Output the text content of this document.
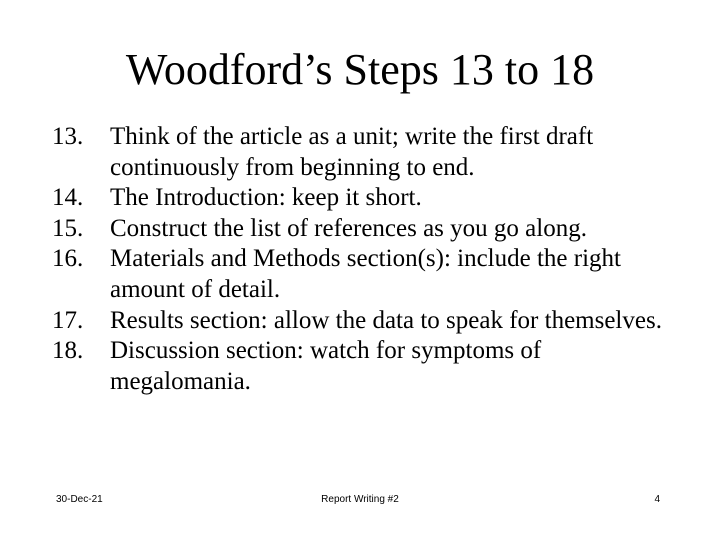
Woodford’s Steps 13 to 18
13.	Think of the article as a unit; write the first draft continuously from beginning to end.
14.	The Introduction: keep it short.
15.	Construct the list of references as you go along.
16.	Materials and Methods section(s): include the right amount of detail.
17.	Results section: allow the data to speak for themselves.
18.	Discussion section: watch for symptoms of megalomania.
30-Dec-21	Report Writing #2	4
